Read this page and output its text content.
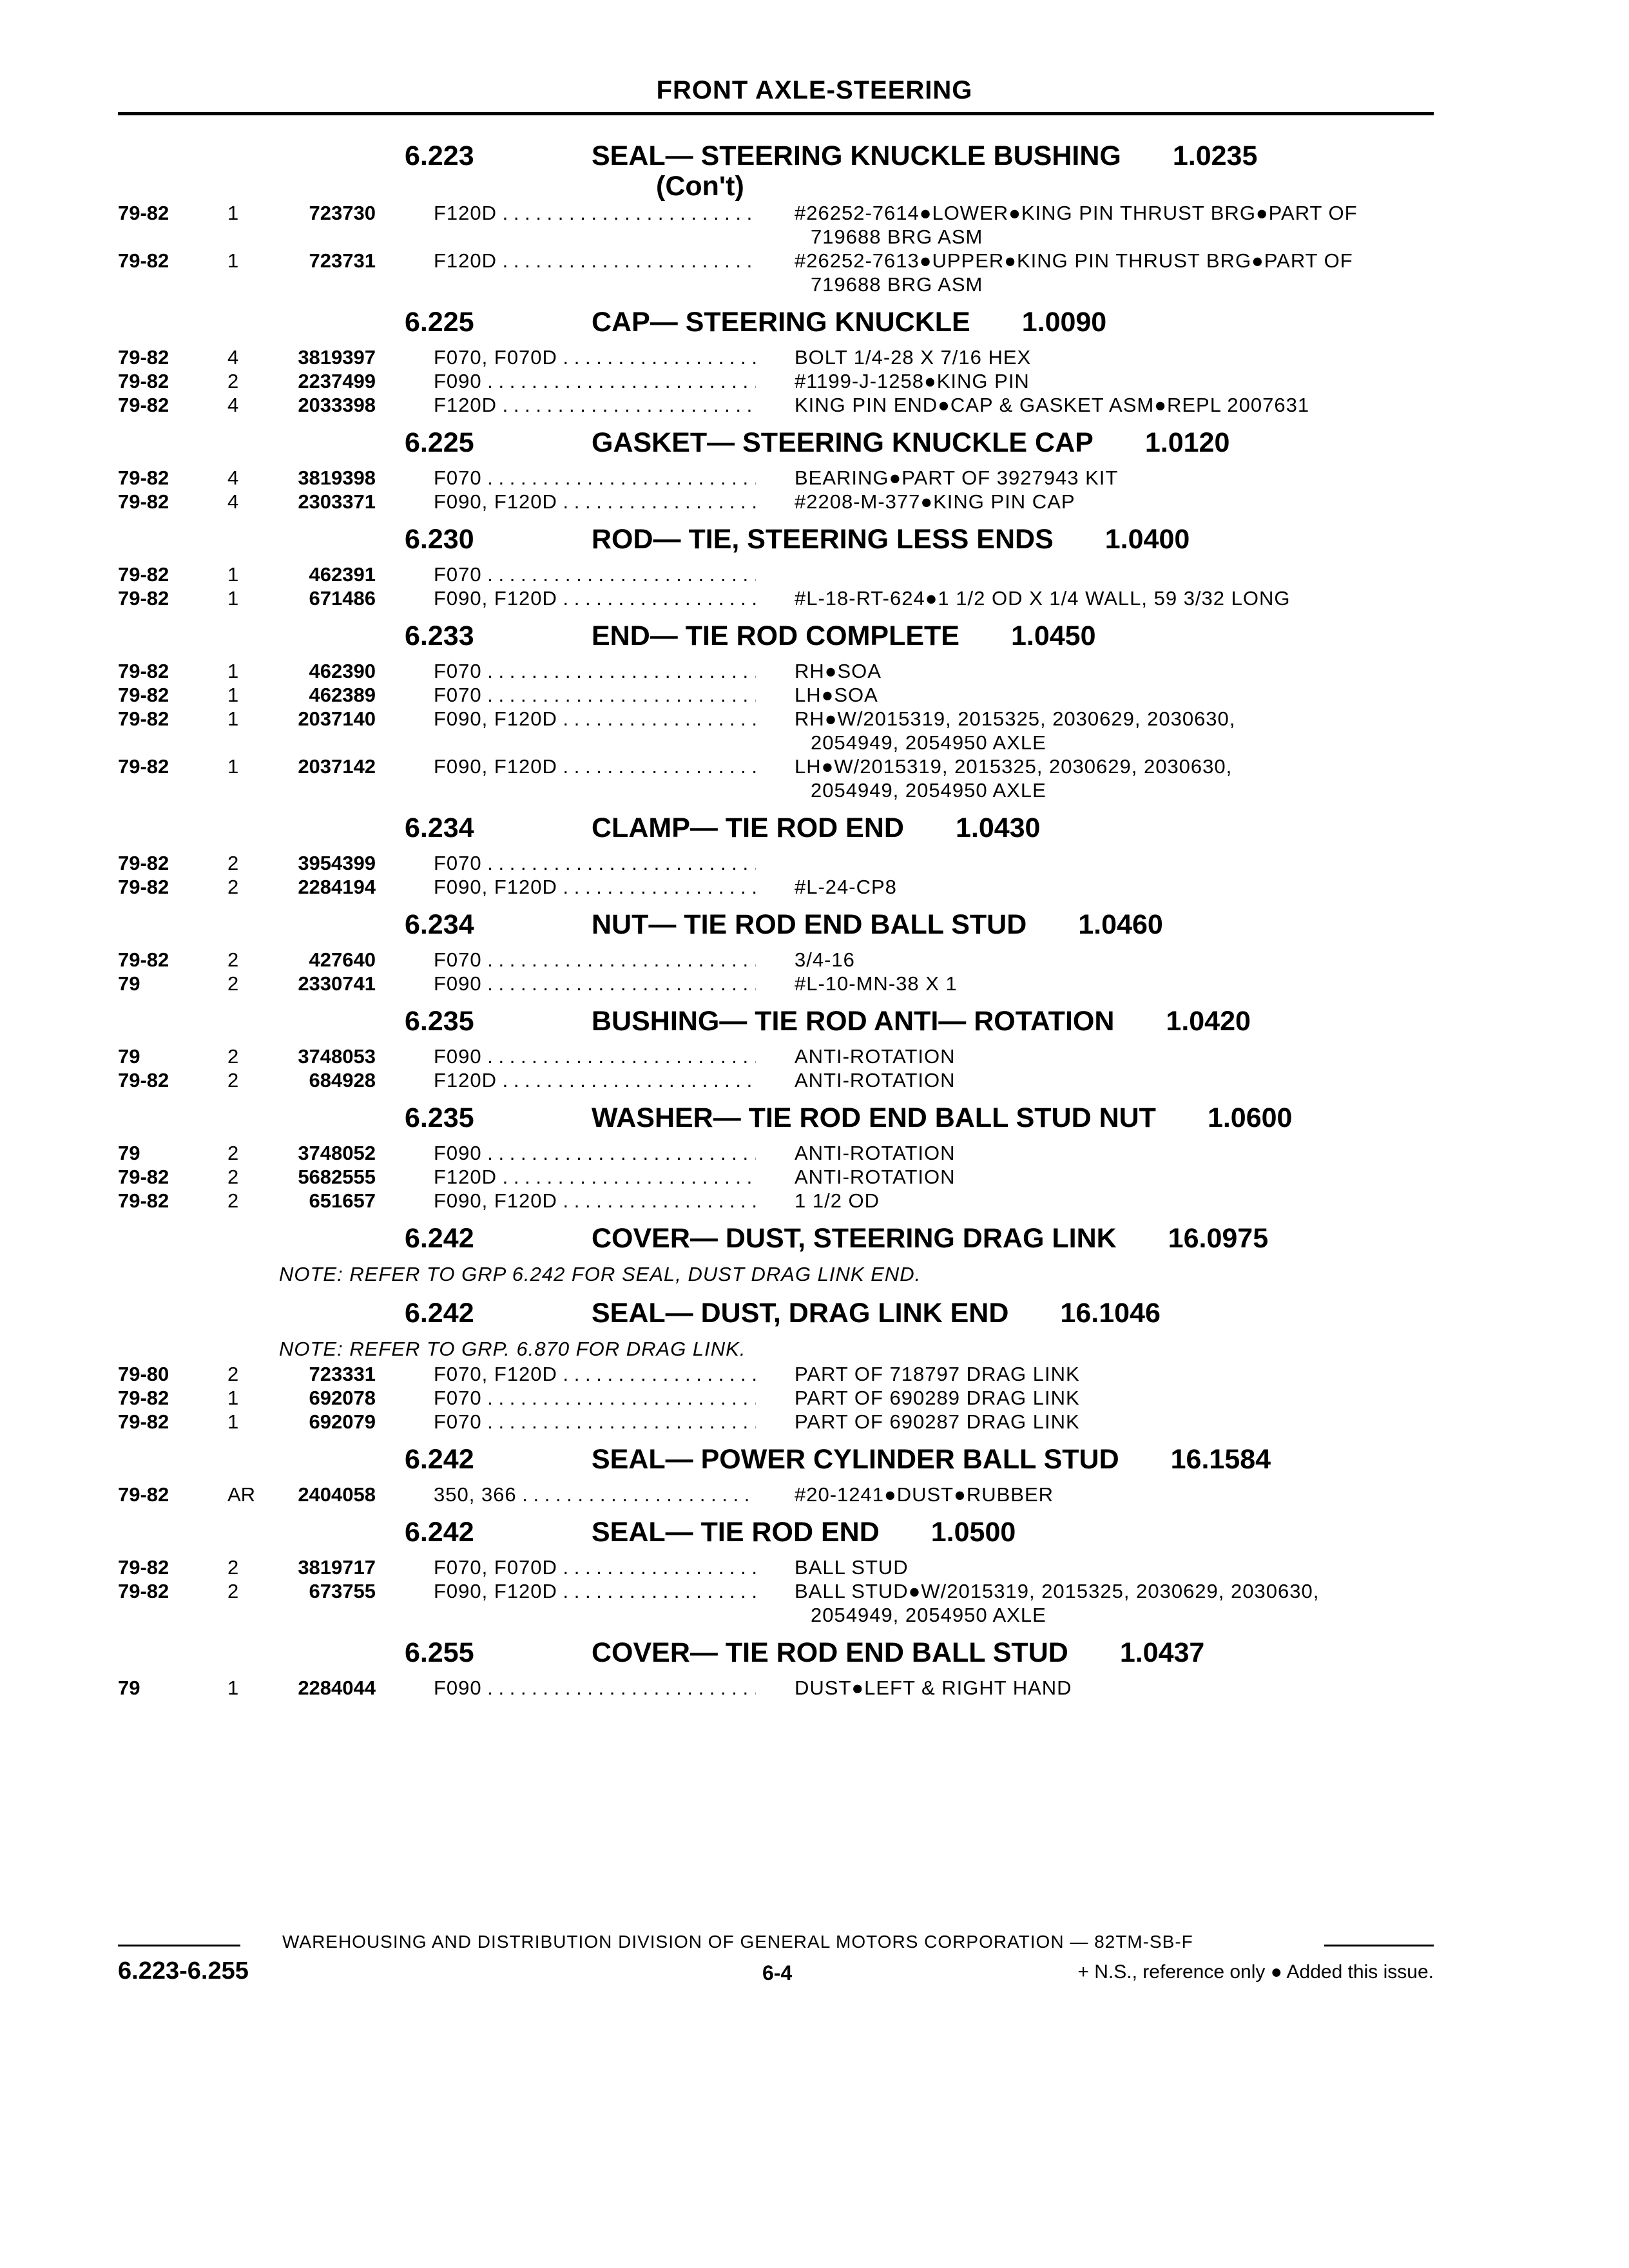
FRONT AXLE-STEERING
6.223	SEAL— STEERING KNUCKLE BUSHING 1.0235
(Con't)
79-82	1	723730	F120D . . .	#26252-7614●LOWER●KING PIN THRUST BRG●PART OF
719688 BRG ASM
79-82	1	723731	F120D . . .	#26252-7613●UPPER●KING PIN THRUST BRG●PART OF
719688 BRG ASM
6.225	CAP— STEERING KNUCKLE 1.0090
79-82	4	3819397	F070, F070D . . .	BOLT 1/4-28 X 7/16 HEX
79-82	2	2237499	F090 . . .	#1199-J-1258●KING PIN
79-82	4	2033398	F120D . . .	KING PIN END●CAP & GASKET ASM●REPL 2007631
6.225	GASKET— STEERING KNUCKLE CAP 1.0120
79-82	4	3819398	F070 . . .	BEARING●PART OF 3927943 KIT
79-82	4	2303371	F090, F120D . . .	#2208-M-377●KING PIN CAP
6.230	ROD— TIE, STEERING LESS ENDS 1.0400
79-82	1	462391	F070 . . .
79-82	1	671486	F090, F120D . . .	#L-18-RT-624●1 1/2 OD X 1/4 WALL, 59 3/32 LONG
6.233	END— TIE ROD COMPLETE 1.0450
79-82	1	462390	F070 . . .	RH●SOA
79-82	1	462389	F070 . . .	LH●SOA
79-82	1	2037140	F090, F120D . . .	RH●W/2015319, 2015325, 2030629, 2030630,
2054949, 2054950 AXLE
79-82	1	2037142	F090, F120D . . .	LH●W/2015319, 2015325, 2030629, 2030630,
2054949, 2054950 AXLE
6.234	CLAMP— TIE ROD END 1.0430
79-82	2	3954399	F070 . . .
79-82	2	2284194	F090, F120D . . .	#L-24-CP8
6.234	NUT— TIE ROD END BALL STUD 1.0460
79-82	2	427640	F070 . . .	3/4-16
79	2	2330741	F090 . . .	#L-10-MN-38 X 1
6.235	BUSHING— TIE ROD ANTI— ROTATION 1.0420
79	2	3748053	F090 . . .	ANTI-ROTATION
79-82	2	684928	F120D . . .	ANTI-ROTATION
6.235	WASHER— TIE ROD END BALL STUD NUT 1.0600
79	2	3748052	F090 . . .	ANTI-ROTATION
79-82	2	5682555	F120D . . .	ANTI-ROTATION
79-82	2	651657	F090, F120D . . .	1 1/2 OD
6.242	COVER— DUST, STEERING DRAG LINK 16.0975
NOTE: REFER TO GRP 6.242 FOR SEAL, DUST DRAG LINK END.
6.242	SEAL— DUST, DRAG LINK END 16.1046
NOTE: REFER TO GRP. 6.870 FOR DRAG LINK.
79-80	2	723331	F070, F120D . . .	PART OF 718797 DRAG LINK
79-82	1	692078	F070 . . .	PART OF 690289 DRAG LINK
79-82	1	692079	F070 . . .	PART OF 690287 DRAG LINK
6.242	SEAL— POWER CYLINDER BALL STUD 16.1584
79-82	AR	2404058	350, 366 . . .	#20-1241●DUST●RUBBER
6.242	SEAL— TIE ROD END 1.0500
79-82	2	3819717	F070, F070D . . .	BALL STUD
79-82	2	673755	F090, F120D . . .	BALL STUD●W/2015319, 2015325, 2030629, 2030630,
2054949, 2054950 AXLE
6.255	COVER— TIE ROD END BALL STUD 1.0437
79	1	2284044	F090 . . .	DUST●LEFT & RIGHT HAND
WAREHOUSING AND DISTRIBUTION DIVISION OF GENERAL MOTORS CORPORATION — 82TM-SB-F
6.223-6.255	6-4	+ N.S., reference only ● Added this issue.
